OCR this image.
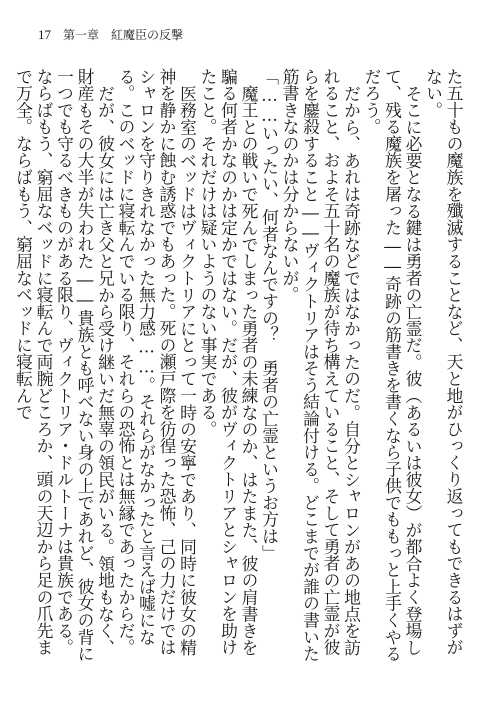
17 第一章 紅魔臣の反撃

た五十もの魔族を殲滅することなど、天と地がひっくり返ってもできるはずがない。

そこに必要となる鍵は勇者の亡霊だ。彼（あるいは彼女）が都合よく登場して、残る魔族を屠った――奇跡の筋書きを書くなら子供でももっと上手くやるだろう。

だから、あれは奇跡などではなかったのだ。自分とシャロンがあの地点を訪れること、およそ五十名の魔族が待ち構えていること、そして勇者の亡霊が彼らを鏖殺すること――ヴィクトリアはそう結論付ける。どこまでが誰の書いた筋書きなのかは分からないが。

「……いったい、何者なんですの？　勇者の亡霊というお方は」

魔王との戦いで死んでしまった勇者の未練なのか、はたまた、彼の肩書きを騙る何者かなのかは定かではない。だが、彼がヴィクトリアとシャロンを助けたこと。それだけは疑いようのない事実である。

医務室のベッドはヴィクトリアにとって一時の安寧であり、同時に彼女の精神を静かに蝕む誘惑でもあった。死の瀬戸際を彷徨った恐怖、己の力だけではシャロンを守りきれなかった無力感……。それらがなかったと言えば嘘になる。このベッドに寝転んでいる限り、それらの恐怖とは無縁であったからだ。

だが、彼女には亡き父と兄から受け継いだ無辜の領民がいる。領地もなく、財産もその大半が失われた――貴族とも呼べない身の上であれど、彼女の背に一つでも守るべきものがある限り、ヴィクトリア・ドルトーナは貴族である。ならばもう、窮屈なベッドに寝転んで両腕どころか、頭の天辺から足の爪先まで万全。ならばもう、窮屈なベッドに寝転んで
